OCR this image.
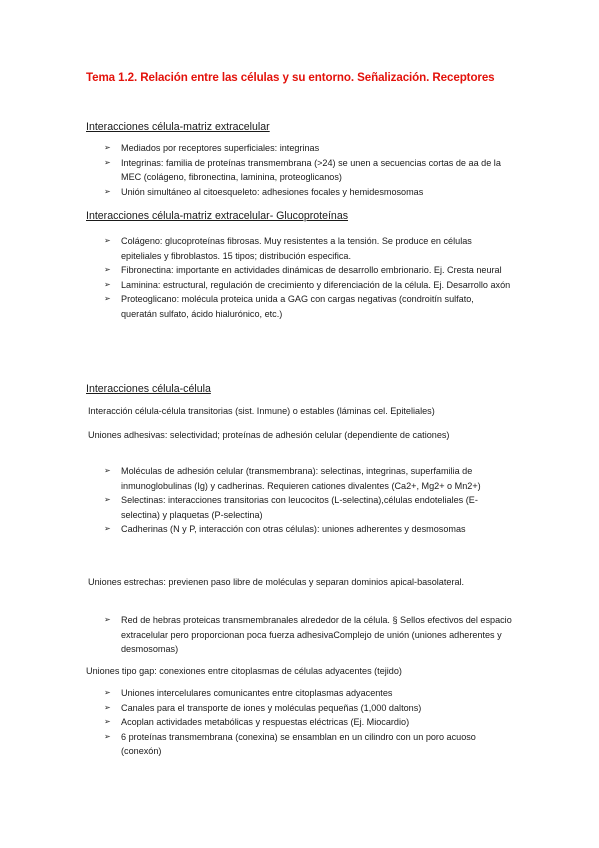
Tema 1.2. Relación entre las células y su entorno. Señalización. Receptores
Interacciones célula-matriz extracelular
➢ Mediados por receptores superficiales: integrinas
➢ Integrinas: familia de proteínas transmembrana (>24) se unen a secuencias cortas de aa de la MEC (colágeno, fibronectina, laminina, proteoglicanos)
➢ Unión simultáneo al citoesqueleto: adhesiones focales y hemidesmosomas
Interacciones célula-matriz extracelular- Glucoproteínas
➢ Colágeno: glucoproteínas fibrosas. Muy resistentes a la tensión. Se produce en células epiteliales y fibroblastos. 15 tipos; distribución especifica.
➢ Fibronectina: importante en actividades dinámicas de desarrollo embrionario. Ej. Cresta neural
➢ Laminina: estructural, regulación de crecimiento y diferenciación de la célula. Ej. Desarrollo axón
➢ Proteoglicano: molécula proteica unida a GAG con cargas negativas (condroitín sulfato, queratán sulfato, ácido hialurónico, etc.)
Interacciones célula-célula
Interacción célula-célula transitorias (sist. Inmune) o estables (láminas cel. Epiteliales)
Uniones adhesivas: selectividad; proteínas de adhesión celular (dependiente de cationes)
➢ Moléculas de adhesión celular (transmembrana): selectinas, integrinas, superfamilia de inmunoglobulinas (Ig) y cadherinas. Requieren cationes divalentes (Ca2+, Mg2+ o Mn2+)
➢ Selectinas: interacciones transitorias con leucocitos (L-selectina),células endoteliales (E-selectina) y plaquetas (P-selectina)
➢ Cadherinas (N y P, interacción con otras células): uniones adherentes y desmosomas
Uniones estrechas: previenen paso libre de moléculas y separan dominios apical-basolateral.
➢ Red de hebras proteicas transmembranales alrededor de la célula. § Sellos efectivos del espacio extracelular pero proporcionan poca fuerza adhesivaComplejo de unión (uniones adherentes y desmosomas)
Uniones tipo gap: conexiones entre citoplasmas de células adyacentes (tejido)
➢ Uniones intercelulares comunicantes entre citoplasmas adyacentes
➢ Canales para el transporte de iones y moléculas pequeñas (1,000 daltons)
➢ Acoplan actividades metabólicas y respuestas eléctricas (Ej. Miocardio)
➢ 6 proteínas transmembrana (conexina) se ensamblan en un cilindro con un poro acuoso (conexón)
